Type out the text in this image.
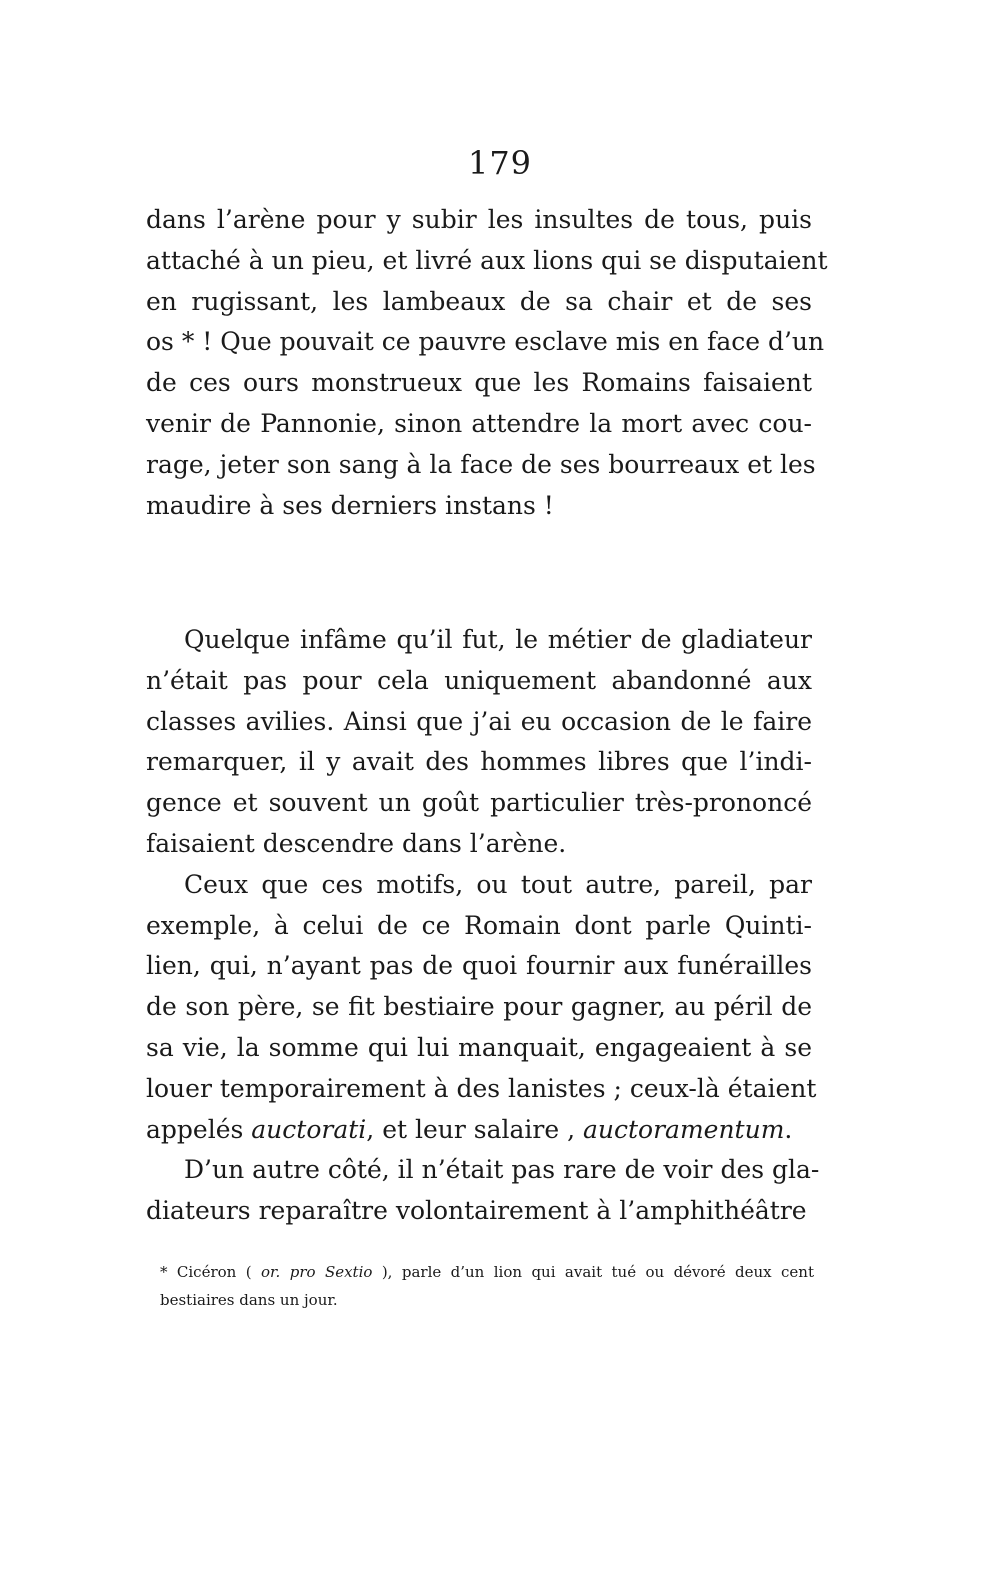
179
dans l’arène pour y subir les insultes de tous, puis
attaché à un pieu, et livré aux lions qui se disputaient
en rugissant, les lambeaux de sa chair et de ses
os * ! Que pouvait ce pauvre esclave mis en face d’un
de ces ours monstrueux que les Romains faisaient
venir de Pannonie, sinon attendre la mort avec cou-
rage, jeter son sang à la face de ses bourreaux et les
maudire à ses derniers instans !
Quelque infâme qu’il fut, le métier de gladiateur
n’était pas pour cela uniquement abandonné aux
classes avilies. Ainsi que j’ai eu occasion de le faire
remarquer, il y avait des hommes libres que l’indi-
gence et souvent un goût particulier très-prononcé
faisaient descendre dans l’arène.
Ceux que ces motifs, ou tout autre, pareil, par
exemple, à celui de ce Romain dont parle Quinti-
lien, qui, n’ayant pas de quoi fournir aux funérailles
de son père, se fit bestiaire pour gagner, au péril de
sa vie, la somme qui lui manquait, engageaient à se
louer temporairement à des lanistes ; ceux-là étaient
appelés auctorati, et leur salaire , auctoramentum.
D’un autre côté, il n’était pas rare de voir des gla-
diateurs reparaître volontairement à l’amphithéâtre
* Cicéron ( or. pro Sextio ), parle d’un lion qui avait tué ou dévoré deux cent
bestiaires dans un jour.
